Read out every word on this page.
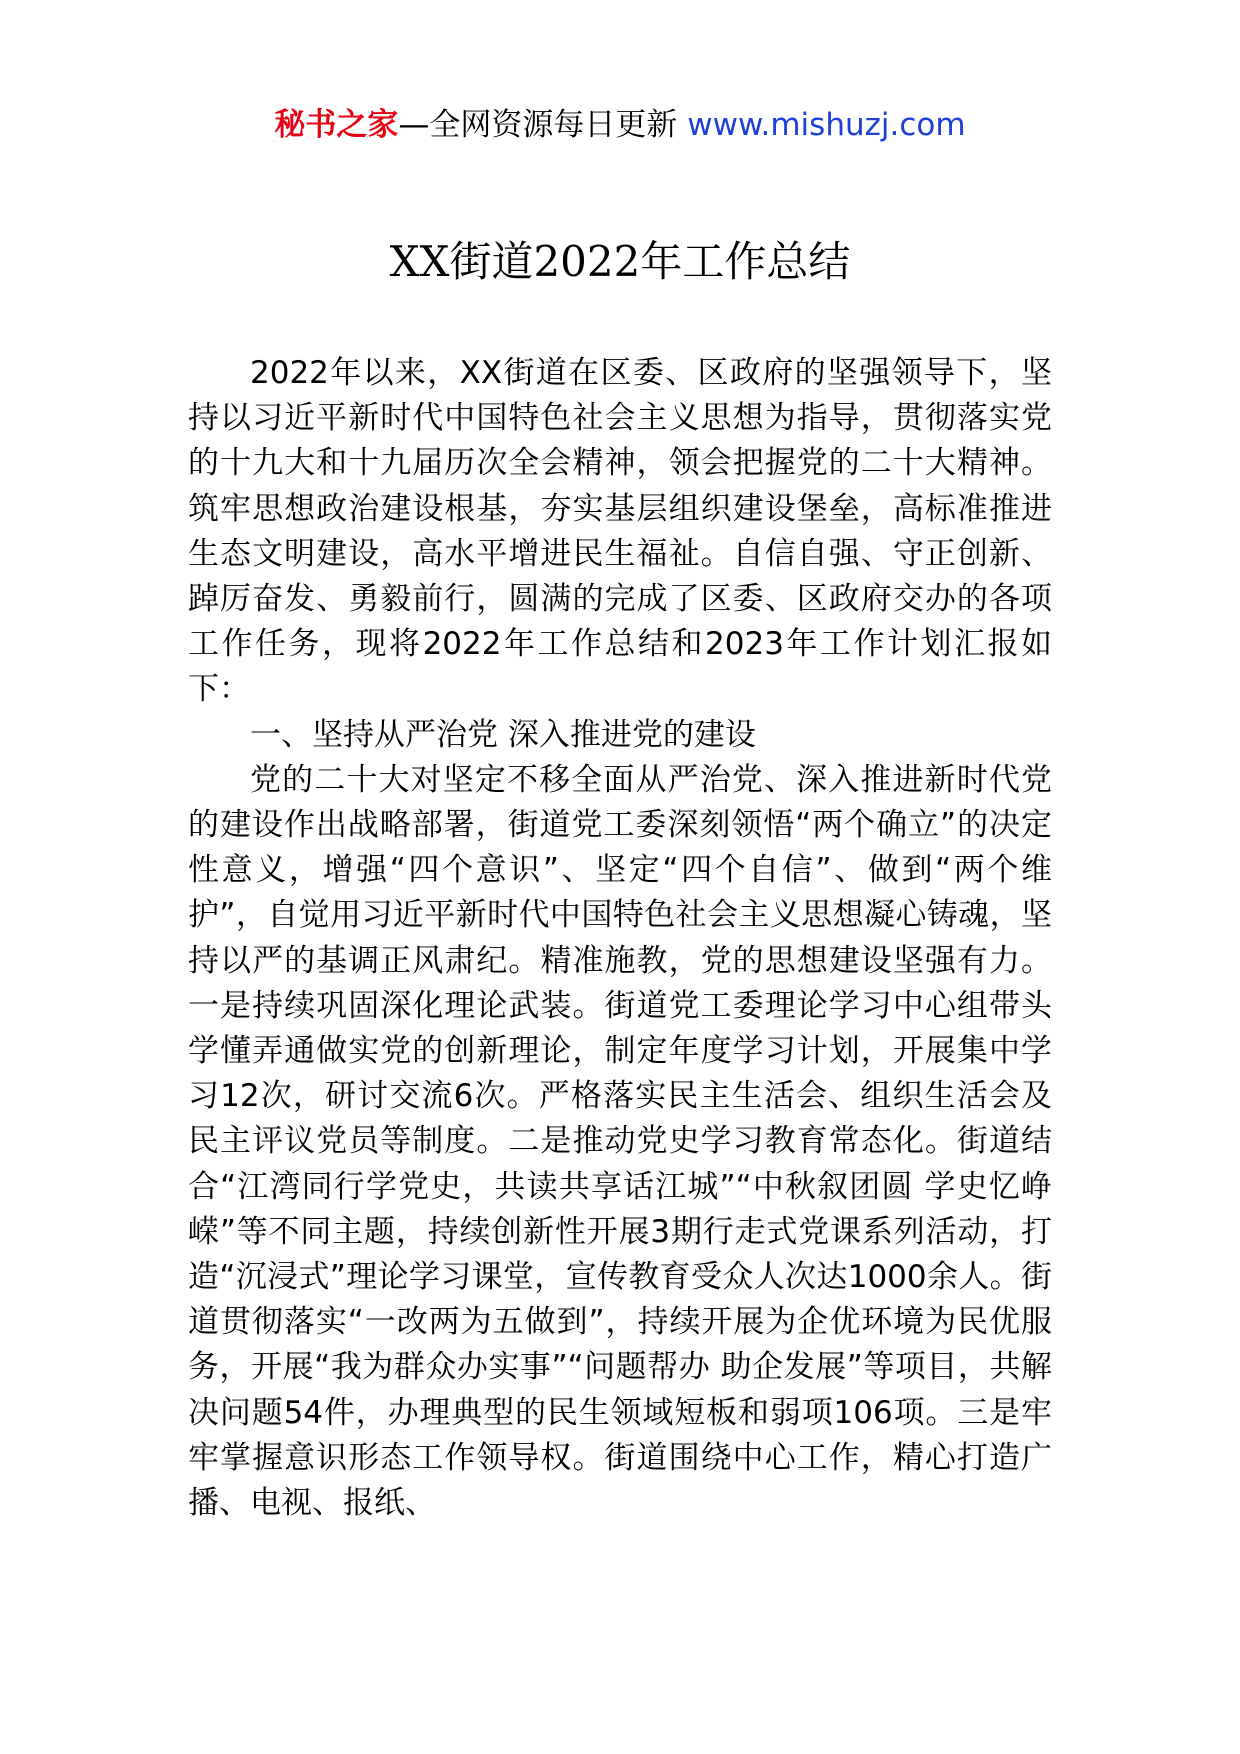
秘书之家—全网资源每日更新 www.mishuzj.com
XX街道2022年工作总结

2022年以来，XX街道在区委、区政府的坚强领导下，坚持以习近平新时代中国特色社会主义思想为指导，贯彻落实党的十九大和十九届历次全会精神，领会把握党的二十大精神。筑牢思想政治建设根基，夯实基层组织建设堡垒，高标准推进生态文明建设，高水平增进民生福祉。自信自强、守正创新、踔厉奋发、勇毅前行，圆满的完成了区委、区政府交办的各项工作任务，现将2022年工作总结和2023年工作计划汇报如下：

一、坚持从严治党 深入推进党的建设

党的二十大对坚定不移全面从严治党、深入推进新时代党的建设作出战略部署，街道党工委深刻领悟“两个确立”的决定性意义，增强“四个意识”、坚定“四个自信”、做到“两个维护”，自觉用习近平新时代中国特色社会主义思想凝心铸魂，坚持以严的基调正风肃纪。精准施教，党的思想建设坚强有力。一是持续巩固深化理论武装。街道党工委理论学习中心组带头学懂弄通做实党的创新理论，制定年度学习计划，开展集中学习12次，研讨交流6次。严格落实民主生活会、组织生活会及民主评议党员等制度。二是推动党史学习教育常态化。街道结合“江湾同行学党史，共读共享话江城”“中秋叙团圆 学史忆峥嵘”等不同主题，持续创新性开展3期行走式党课系列活动，打造“沉浸式”理论学习课堂，宣传教育受众人次达1000余人。街道贯彻落实“一改两为五做到”，持续开展为企优环境为民优服务，开展“我为群众办实事”“问题帮办 助企发展”等项目，共解决问题54件，办理典型的民生领域短板和弱项106项。三是牢牢掌握意识形态工作领导权。街道围绕中心工作，精心打造广播、电视、报纸、
